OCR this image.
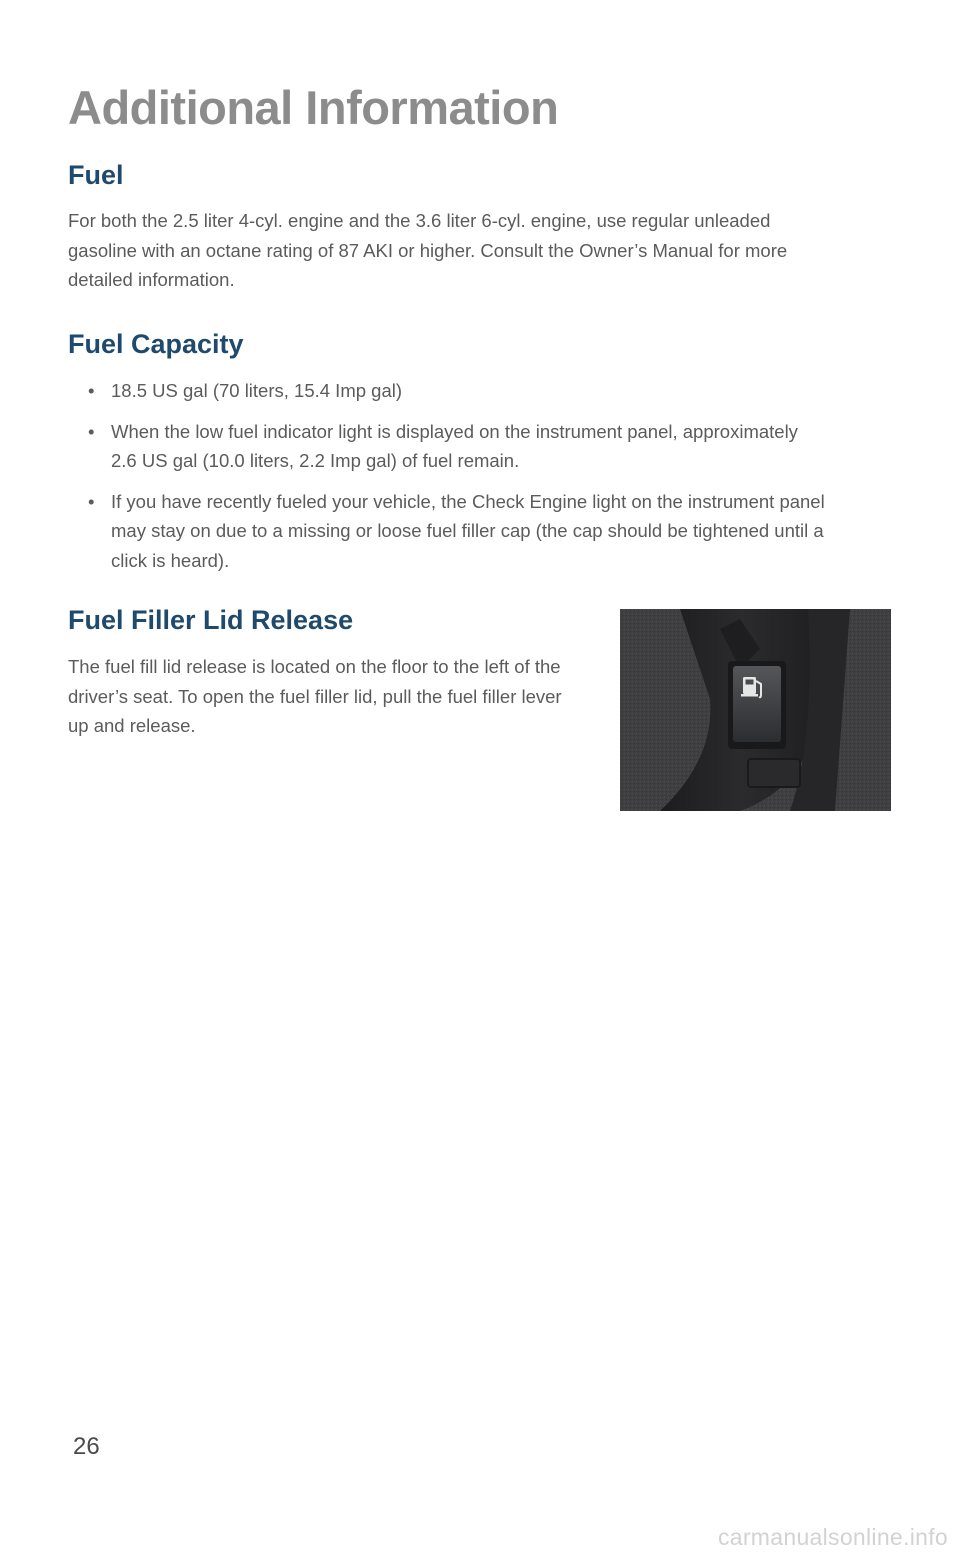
Additional Information
Fuel

For both the 2.5 liter 4-cyl. engine and the 3.6 liter 6-cyl. engine, use regular unleaded
gasoline with an octane rating of 87 AKI or higher. Consult the Owner’s Manual for more
detailed information.

Fuel Capacity
• 18.5 US gal (70 liters, 15.4 Imp gal)
• When the low fuel indicator light is displayed on the instrument panel, approximately
2.6 US gal (10.0 liters, 2.2 Imp gal) of fuel remain.
• If you have recently fueled your vehicle, the Check Engine light on the instrument panel
may stay on due to a missing or loose fuel filler cap (the cap should be tightened until a
click is heard).
Fuel Filler Lid Release

The fuel fill lid release is located on the floor to the left of the
driver’s seat. To open the fuel filler lid, pull the fuel filler lever
up and release.

26

carmanualsonline.info
